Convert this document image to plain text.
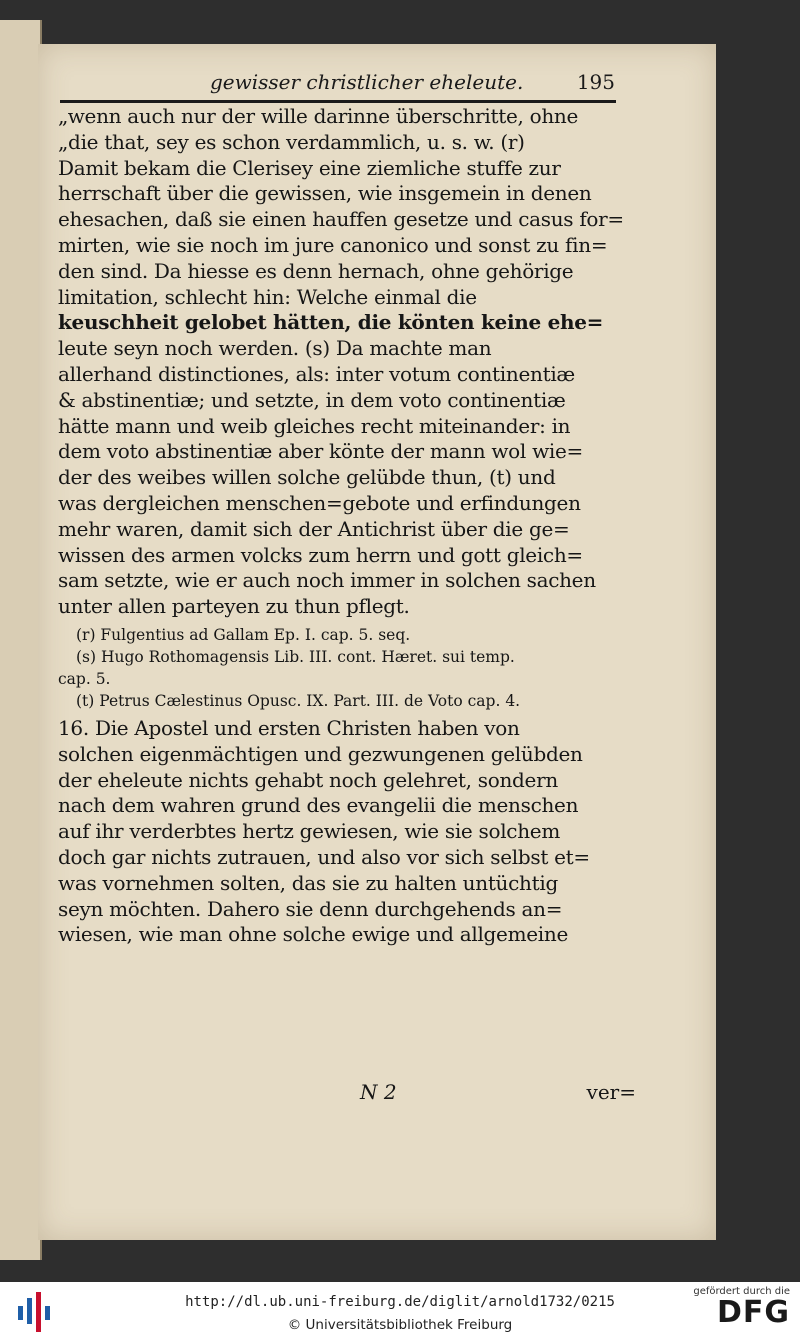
gewisser christlicher eheleute.	195
„wenn auch nur der wille darinne überschritte, ohne
„die that, sey es schon verdammlich, u. s. w. (r)
Damit bekam die Clerisey eine ziemliche stuffe zur
herrschaft über die gewissen, wie insgemein in denen
ehesachen, daß sie einen hauffen gesetze und casus for=
mirten, wie sie noch im jure canonico und sonst zu fin=
den sind. Da hiesse es denn hernach, ohne gehörige
limitation, schlecht hin: Welche einmal die
keuschheit gelobet hätten, die könten keine ehe=
leute seyn noch werden. (s) Da machte man
allerhand distinctiones, als: inter votum continentiæ
& abstinentiæ; und setzte, in dem voto continentiæ
hätte mann und weib gleiches recht miteinander: in
dem voto abstinentiæ aber könte der mann wol wie=
der des weibes willen solche gelübde thun, (t) und
was dergleichen menschen=gebote und erfindungen
mehr waren, damit sich der Antichrist über die ge=
wissen des armen volcks zum herrn und gott gleich=
sam setzte, wie er auch noch immer in solchen sachen
unter allen parteyen zu thun pflegt.
(r) Fulgentius ad Gallam Ep. I. cap. 5. seq.
(s) Hugo Rothomagensis Lib. III. cont. Hæret. sui temp.
cap. 5.
(t) Petrus Cælestinus Opusc. IX. Part. III. de Voto cap. 4.
16. Die Apostel und ersten Christen haben von
solchen eigenmächtigen und gezwungenen gelübden
der eheleute nichts gehabt noch gelehret, sondern
nach dem wahren grund des evangelii die menschen
auf ihr verderbtes hertz gewiesen, wie sie solchem
doch gar nichts zutrauen, und also vor sich selbst et=
was vornehmen solten, das sie zu halten untüchtig
seyn möchten. Dahero sie denn durchgehends an=
wiesen, wie man ohne solche ewige und allgemeine
N 2	ver=
http://dl.ub.uni-freiburg.de/diglit/arnold1732/0215
© Universitätsbibliothek Freiburg
gefördert durch die
DFG
